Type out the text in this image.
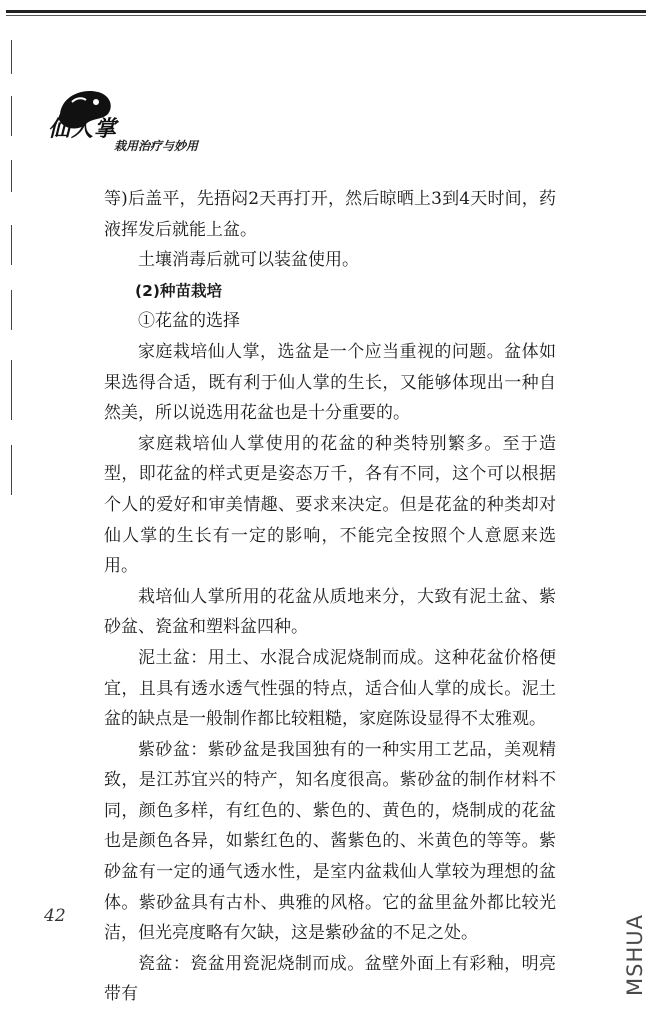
仙人掌
栽用治疗与妙用

等)后盖平，先捂闷2天再打开，然后晾晒上3到4天时间，药液挥发后就能上盆。

土壤消毒后就可以装盆使用。

(2)种苗栽培

①花盆的选择

家庭栽培仙人掌，选盆是一个应当重视的问题。盆体如果选得合适，既有利于仙人掌的生长，又能够体现出一种自然美，所以说选用花盆也是十分重要的。

家庭栽培仙人掌使用的花盆的种类特别繁多。至于造型，即花盆的样式更是姿态万千，各有不同，这个可以根据个人的爱好和审美情趣、要求来决定。但是花盆的种类却对仙人掌的生长有一定的影响，不能完全按照个人意愿来选用。

栽培仙人掌所用的花盆从质地来分，大致有泥土盆、紫砂盆、瓷盆和塑料盆四种。

泥土盆：用土、水混合成泥烧制而成。这种花盆价格便宜，且具有透水透气性强的特点，适合仙人掌的成长。泥土盆的缺点是一般制作都比较粗糙，家庭陈设显得不太雅观。

紫砂盆：紫砂盆是我国独有的一种实用工艺品，美观精致，是江苏宜兴的特产，知名度很高。紫砂盆的制作材料不同，颜色多样，有红色的、紫色的、黄色的，烧制成的花盆也是颜色各异，如紫红色的、酱紫色的、米黄色的等等。紫砂盆有一定的通气透水性，是室内盆栽仙人掌较为理想的盆体。紫砂盆具有古朴、典雅的风格。它的盆里盆外都比较光洁，但光亮度略有欠缺，这是紫砂盆的不足之处。

瓷盆：瓷盆用瓷泥烧制而成。盆壁外面上有彩釉，明亮带有

42	MSHUA
